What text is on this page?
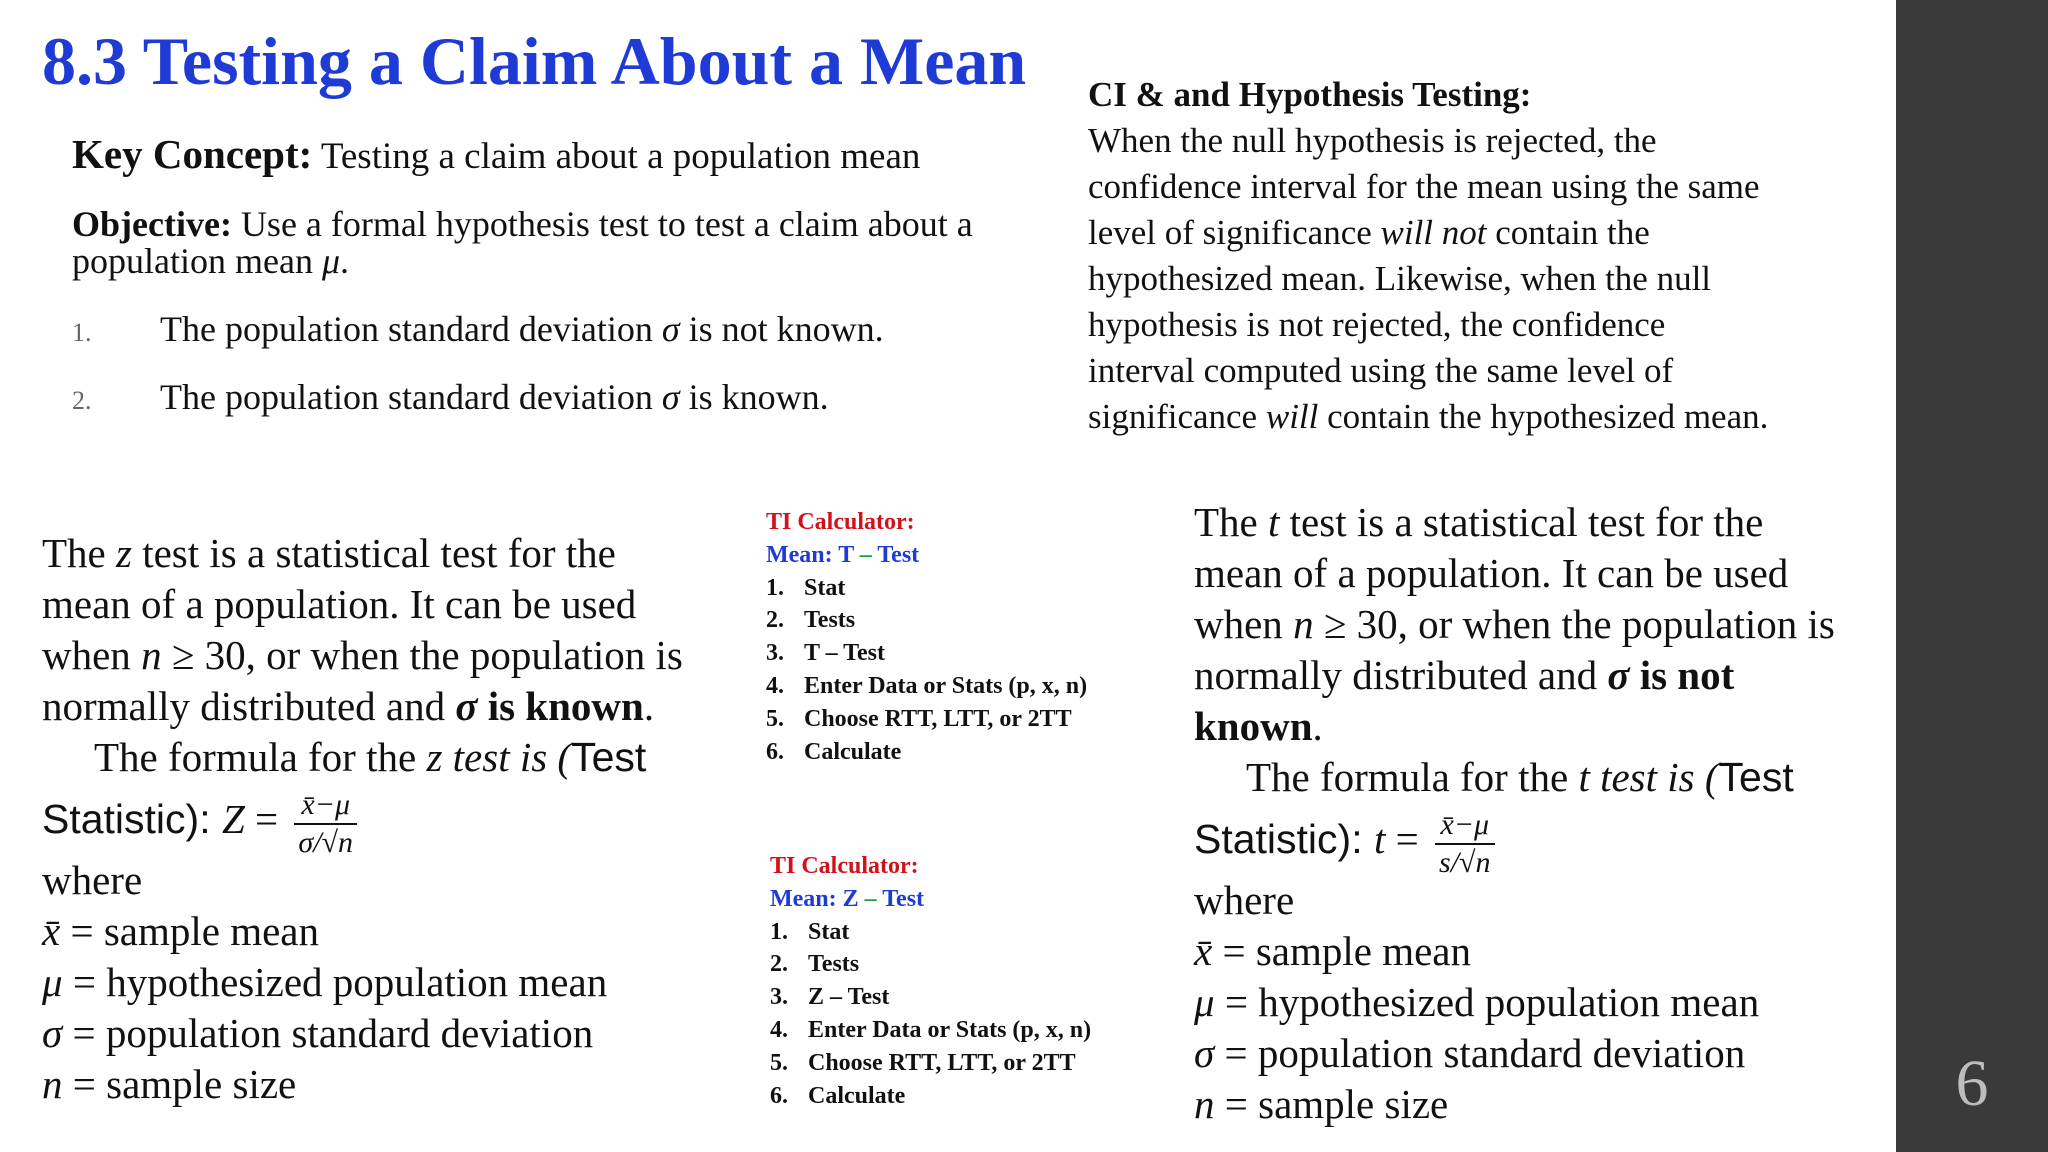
6
8.3 Testing a Claim About a Mean
Key Concept: Testing a claim about a population mean
Objective: Use a formal hypothesis test to test a claim about a
population mean μ.
1. The population standard deviation σ is not known.
2. The population standard deviation σ is known.
CI & and Hypothesis Testing:
When the null hypothesis is rejected, the
confidence interval for the mean using the same
level of significance will not contain the
hypothesized mean. Likewise, when the null
hypothesis is not rejected, the confidence
interval computed using the same level of
significance will contain the hypothesized mean.
The z test is a statistical test for the
mean of a population. It can be used
when n ≥ 30, or when the population is
normally distributed and σ is known.
The formula for the z test is (Test
Statistic): $Z = \frac{x̄-\mu}{\sigma/√n}$
where
x̄ = sample mean
μ = hypothesized population mean
σ = population standard deviation
n = sample size
TI Calculator:
Mean: T – Test
1. Stat
2. Tests
3. T – Test
4. Enter Data or Stats (p, x, n)
5. Choose RTT, LTT, or 2TT
6. Calculate
TI Calculator:
Mean: Z – Test
1. Stat
2. Tests
3. Z – Test
4. Enter Data or Stats (p, x, n)
5. Choose RTT, LTT, or 2TT
6. Calculate
The t test is a statistical test for the
mean of a population. It can be used
when n ≥ 30, or when the population is
normally distributed and σ is not
known.
The formula for the t test is (Test
Statistic): $t = \frac{x̄-\mu}{s/√n}$
where
x̄ = sample mean
μ = hypothesized population mean
σ = population standard deviation
n = sample size
